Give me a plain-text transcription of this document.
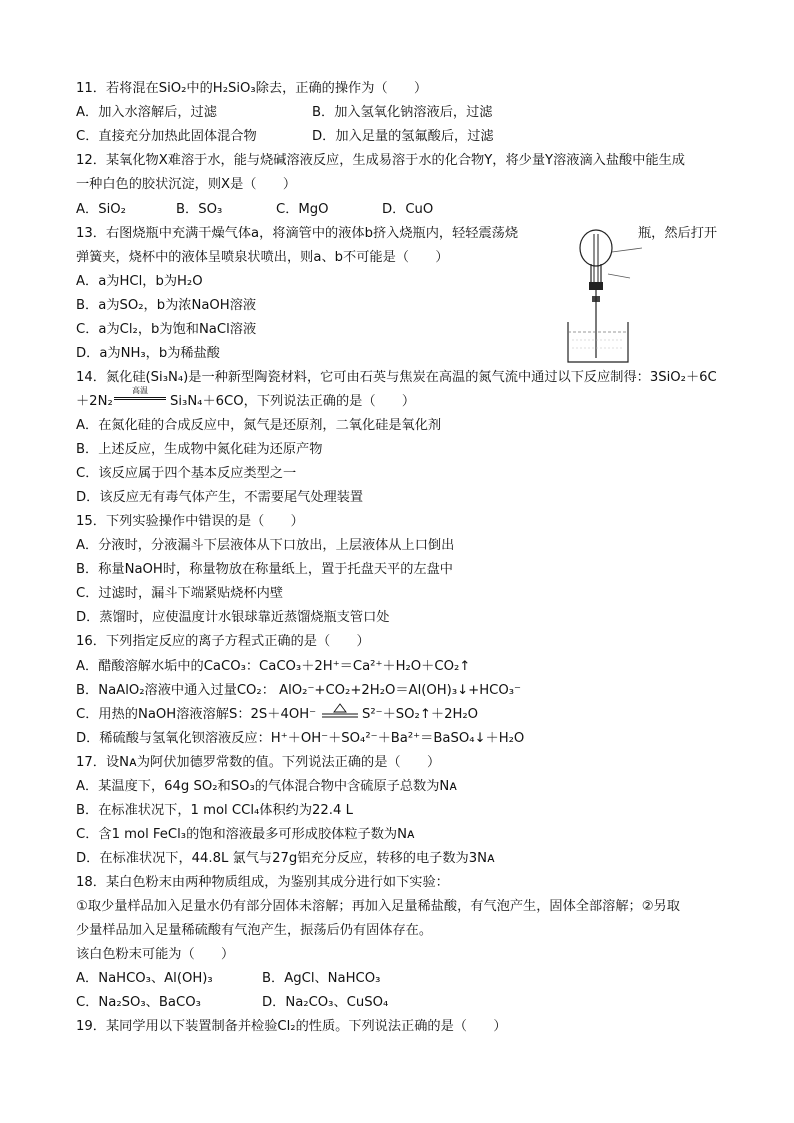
11．若将混在SiO₂中的H₂SiO₃除去，正确的操作为（　　）
A．加入水溶解后，过滤	B．加入氢氧化钠溶液后，过滤
C．直接充分加热此固体混合物	D．加入足量的氢氟酸后，过滤
12．某氧化物X难溶于水，能与烧碱溶液反应，生成易溶于水的化合物Y，将少量Y溶液滴入盐酸中能生成
一种白色的胶状沉淀，则X是（　　）
A．SiO₂	B．SO₃	C．MgO	D．CuO
13．右图烧瓶中充满干燥气体a，将滴管中的液体b挤入烧瓶内，轻轻震荡烧	瓶，然后打开
弹簧夹，烧杯中的液体呈喷泉状喷出，则a、b不可能是（　　）
A．a为HCl，b为H₂O
B．a为SO₂，b为浓NaOH溶液
C．a为Cl₂，b为饱和NaCl溶液
D．a为NH₃，b为稀盐酸
14．氮化硅(Si₃N₄)是一种新型陶瓷材料，它可由石英与焦炭在高温的氮气流中通过以下反应制得：3SiO₂＋6C
＋2N₂
高温
Si₃N₄＋6CO，下列说法正确的是（　　）
A．在氮化硅的合成反应中，氮气是还原剂，二氧化硅是氧化剂
B．上述反应，生成物中氮化硅为还原产物
C．该反应属于四个基本反应类型之一
D．该反应无有毒气体产生，不需要尾气处理装置
15．下列实验操作中错误的是（　　）
A．分液时，分液漏斗下层液体从下口放出，上层液体从上口倒出
B．称量NaOH时，称量物放在称量纸上，置于托盘天平的左盘中
C．过滤时，漏斗下端紧贴烧杯内壁
D．蒸馏时，应使温度计水银球靠近蒸馏烧瓶支管口处
16．下列指定反应的离子方程式正确的是（　　）
A．醋酸溶解水垢中的CaCO₃：CaCO₃＋2H⁺＝Ca²⁺＋H₂O＋CO₂↑
B．NaAlO₂溶液中通入过量CO₂： AlO₂⁻+CO₂+2H₂O＝Al(OH)₃↓+HCO₃⁻
C．用热的NaOH溶液溶解S：2S＋4OH⁻	S²⁻＋SO₂↑＋2H₂O
D．稀硫酸与氢氧化钡溶液反应：H⁺＋OH⁻＋SO₄²⁻＋Ba²⁺＝BaSO₄↓＋H₂O
17．设Nᴀ为阿伏加德罗常数的值。下列说法正确的是（　　）
A．某温度下，64g SO₂和SO₃的气体混合物中含硫原子总数为Nᴀ
B．在标准状况下，1 mol CCl₄体积约为22.4 L
C．含1 mol FeCl₃的饱和溶液最多可形成胶体粒子数为Nᴀ
D．在标准状况下，44.8L 氯气与27g铝充分反应，转移的电子数为3Nᴀ
18．某白色粉末由两种物质组成，为鉴别其成分进行如下实验：
①取少量样品加入足量水仍有部分固体未溶解；再加入足量稀盐酸，有气泡产生，固体全部溶解；②另取
少量样品加入足量稀硫酸有气泡产生，振荡后仍有固体存在。
该白色粉末可能为（　　）
A．NaHCO₃、Al(OH)₃	B．AgCl、NaHCO₃
C．Na₂SO₃、BaCO₃	D．Na₂CO₃、CuSO₄
19．某同学用以下装置制备并检验Cl₂的性质。下列说法正确的是（　　）
